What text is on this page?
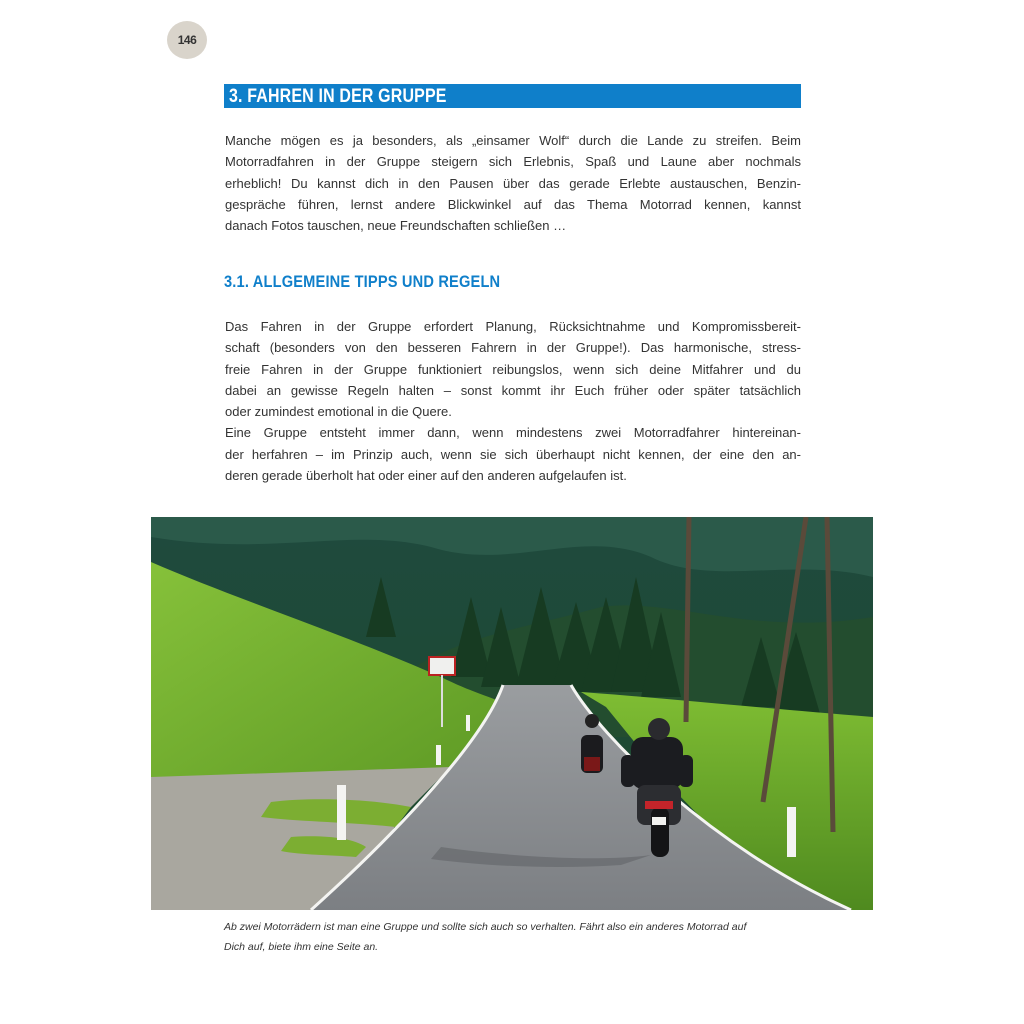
146
3. FAHREN IN DER GRUPPE

Manche mögen es ja besonders, als „einsamer Wolf“ durch die Lande zu streifen. Beim
Motorradfahren in der Gruppe steigern sich Erlebnis, Spaß und Laune aber nochmals
erheblich! Du kannst dich in den Pausen über das gerade Erlebte austauschen, Benzin-
gespräche führen, lernst andere Blickwinkel auf das Thema Motorrad kennen, kannst
danach Fotos tauschen, neue Freundschaften schließen …

3.1. ALLGEMEINE TIPPS UND REGELN

Das Fahren in der Gruppe erfordert Planung, Rücksichtnahme und Kompromissbereit-
schaft (besonders von den besseren Fahrern in der Gruppe!). Das harmonische, stress-
freie Fahren in der Gruppe funktioniert reibungslos, wenn sich deine Mitfahrer und du
dabei an gewisse Regeln halten – sonst kommt ihr Euch früher oder später tatsächlich
oder zumindest emotional in die Quere.
Eine Gruppe entsteht immer dann, wenn mindestens zwei Motorradfahrer hintereinan-
der herfahren – im Prinzip auch, wenn sie sich überhaupt nicht kennen, der eine den an-
deren gerade überholt hat oder einer auf den anderen aufgelaufen ist.

Ab zwei Motorrädern ist man eine Gruppe und sollte sich auch so verhalten. Fährt also ein anderes Motorrad auf
Dich auf, biete ihm eine Seite an.
